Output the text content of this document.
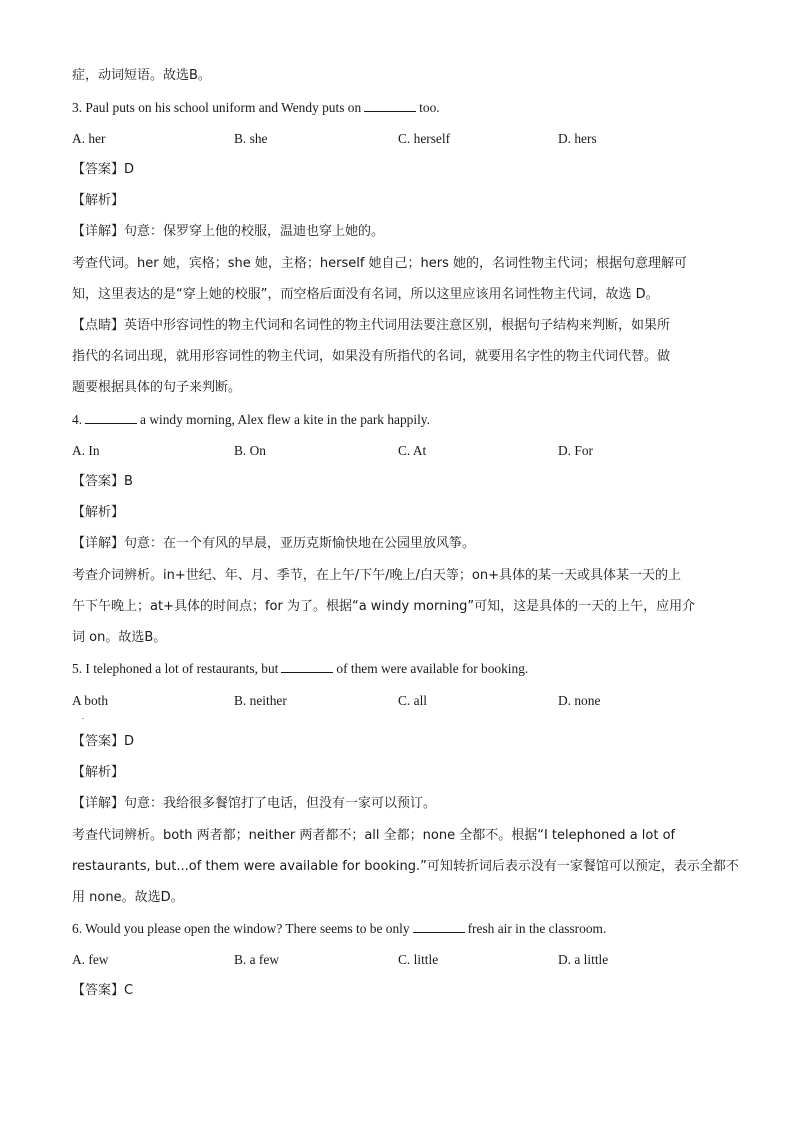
症，动词短语。故选B。
3. Paul puts on his school uniform and Wendy puts on	too.
A. her	B. she	C. herself	D. hers
【答案】D
【解析】
【详解】句意：保罗穿上他的校服，温迪也穿上她的。
考查代词。her 她，宾格；she 她，主格；herself 她自己；hers 她的，名词性物主代词；根据句意理解可
知，这里表达的是“穿上她的校服”，而空格后面没有名词，所以这里应该用名词性物主代词，故选 D。
【点睛】英语中形容词性的物主代词和名词性的物主代词用法要注意区别，根据句子结构来判断，如果所
指代的名词出现，就用形容词性的物主代词，如果没有所指代的名词，就要用名字性的物主代词代替。做
题要根据具体的句子来判断。
4.	a windy morning, Alex flew a kite in the park happily.
A. In	B. On	C. At	D. For
【答案】B
【解析】
【详解】句意：在一个有风的早晨，亚历克斯愉快地在公园里放风筝。
考查介词辨析。in+世纪、年、月、季节，在上午/下午/晚上/白天等；on+具体的某一天或具体某一天的上
午下午晚上；at+具体的时间点；for 为了。根据“a windy morning”可知，这是具体的一天的上午，应用介
词 on。故选B。
5. I telephoned a lot of restaurants, but	of them were available for booking.
A both	B. neither	C. all	D. none
.
【答案】D
【解析】
【详解】句意：我给很多餐馆打了电话，但没有一家可以预订。
考查代词辨析。both 两者都；neither 两者都不；all 全都；none 全都不。根据“I telephoned a lot of
restaurants, but...of them were available for booking.”可知转折词后表示没有一家餐馆可以预定，表示全都不
用 none。故选D。
6. Would you please open the window? There seems to be only	fresh air in the classroom.
A. few	B. a few	C. little	D. a little
【答案】C
